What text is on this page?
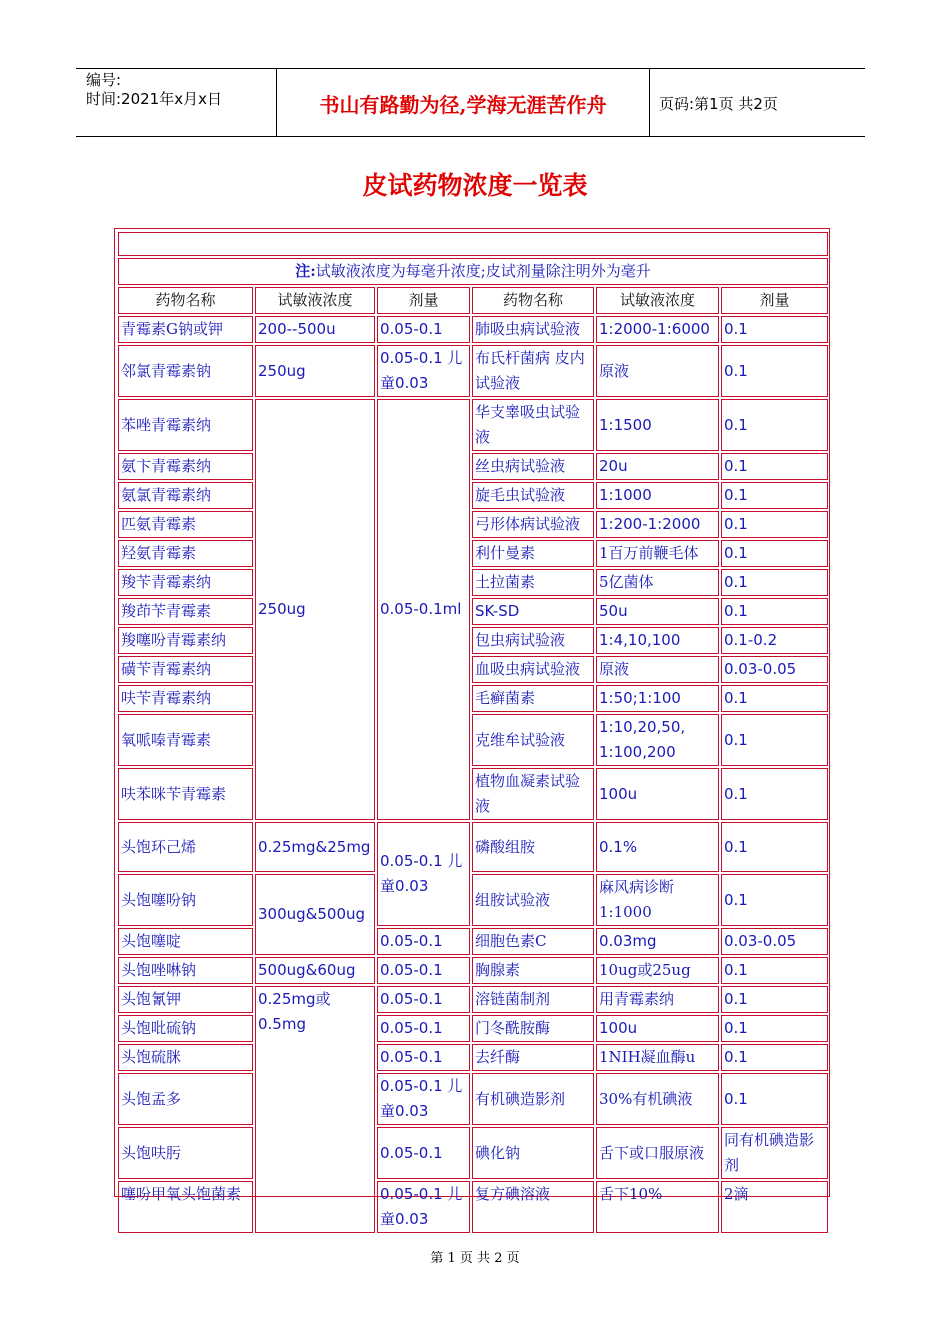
编号:
时间:2021年x月x日	书山有路勤为径,学海无涯苦作舟	页码:第1页 共2页
皮试药物浓度一览表

注:试敏液浓度为每毫升浓度;皮试剂量除注明外为毫升					
药物名称	试敏液浓度	剂量	药物名称	试敏液浓度	剂量
青霉素G钠或钾	200--500u	0.05-0.1	肺吸虫病试验液	1:2000-1:6000	0.1
邻氯青霉素钠	250ug	0.05-0.1 儿童0.03	布氏杆菌病 皮内试验液	原液	0.1
苯唑青霉素纳	250ug	0.05-0.1ml	华支睾吸虫试验液	1:1500	0.1
氨卞青霉素纳			丝虫病试验液	20u	0.1
氨氯青霉素纳			旋毛虫试验液	1:1000	0.1
匹氨青霉素			弓形体病试验液	1:200-1:2000	0.1
羟氨青霉素			利什曼素	1百万前鞭毛体	0.1
羧苄青霉素纳			土拉菌素	5亿菌体	0.1
羧茚苄青霉素			SK-SD	50u	0.1
羧噻吩青霉素纳			包虫病试验液	1:4,10,100	0.1-0.2
磺苄青霉素纳			血吸虫病试验液	原液	0.03-0.05
呋苄青霉素纳			毛癣菌素	1:50;1:100	0.1
氧哌嗪青霉素			克维牟试验液	1:10,20,50, 1:100,200	0.1
呋苯咪苄青霉素			植物血凝素试验液	100u	0.1
头饱环己烯	0.25mg&25mg	0.05-0.1 儿童0.03	磷酸组胺	0.1%	0.1
头饱噻吩钠	300ug&500ug		组胺试验液	麻风病诊断1:1000	0.1
头饱噻啶		0.05-0.1	细胞色素C	0.03mg	0.03-0.05
头饱唑啉钠	500ug&60ug	0.05-0.1	胸腺素	10ug或25ug	0.1
头饱氰钾	0.25mg或0.5mg	0.05-0.1	溶链菌制剂	用青霉素纳	0.1
头饱吡硫钠		0.05-0.1	门冬酰胺酶	100u	0.1
头饱硫脒		0.05-0.1	去纤酶	1NIH凝血酶u	0.1
头饱孟多		0.05-0.1 儿童0.03	有机碘造影剂	30%有机碘液	0.1
头饱呋肟		0.05-0.1	碘化钠	舌下或口服原液	同有机碘造影剂
噻吩甲氧头饱菌素		0.05-0.1 儿童0.03	复方碘溶液	舌下10%	2滴
第 1 页 共 2 页
